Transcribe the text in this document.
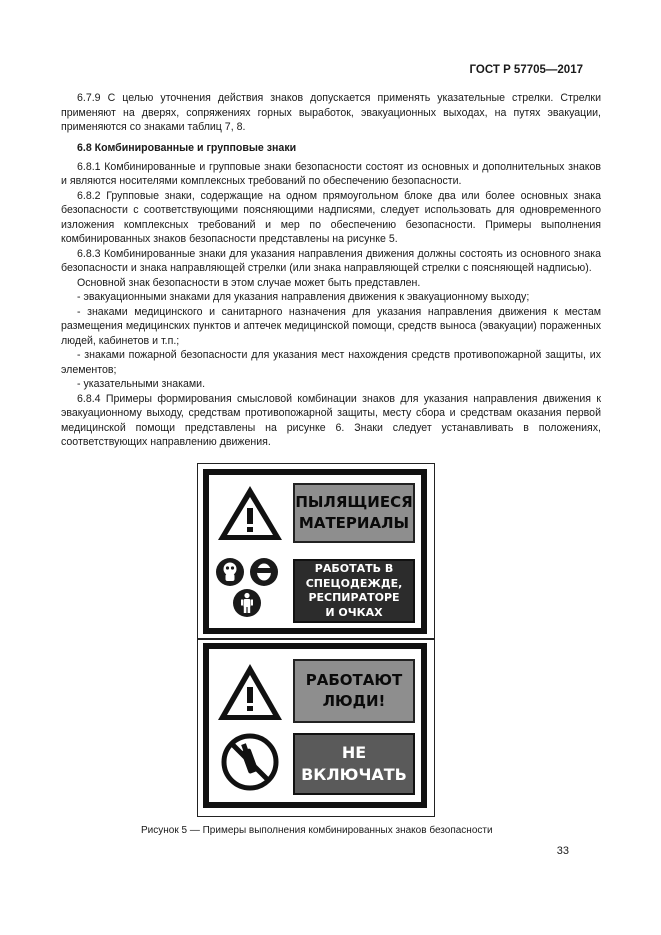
ГОСТ Р 57705—2017

6.7.9 С целью уточнения действия знаков допускается применять указательные стрелки. Стрелки применяют на дверях, сопряжениях горных выработок, эвакуационных выходах, на путях эвакуации, применяются со знаками таблиц 7, 8.

6.8 Комбинированные и групповые знаки

6.8.1 Комбинированные и групповые знаки безопасности состоят из основных и дополнительных знаков и являются носителями комплексных требований по обеспечению безопасности.

6.8.2 Групповые знаки, содержащие на одном прямоугольном блоке два или более основных знака безопасности с соответствующими поясняющими надписями, следует использовать для одновременного изложения комплексных требований и мер по обеспечению безопасности. Примеры выполнения комбинированных знаков безопасности представлены на рисунке 5.

6.8.3 Комбинированные знаки для указания направления движения должны состоять из основного знака безопасности и знака направляющей стрелки (или знака направляющей стрелки с поясняющей надписью).

Основной знак безопасности в этом случае может быть представлен.

- эвакуационными знаками для указания направления движения к эвакуационному выходу;

- знаками медицинского и санитарного назначения для указания направления движения к местам размещения медицинских пунктов и аптечек медицинской помощи, средств выноса (эвакуации) пораженных людей, кабинетов и т.п.;

- знаками пожарной безопасности для указания мест нахождения средств противопожарной защиты, их элементов;

- указательными знаками.

6.8.4 Примеры формирования смысловой комбинации знаков для указания направления движения к эвакуационному выходу, средствам противопожарной защиты, месту сбора и средствам оказания первой медицинской помощи представлены на рисунке 6. Знаки следует устанавливать в положениях, соответствующих направлению движения.

ПЫЛЯЩИЕСЯ
МАТЕРИАЛЫ
РАБОТАТЬ В
СПЕЦОДЕЖДЕ,
РЕСПИРАТОРЕ
И ОЧКАХ
РАБОТАЮТ
ЛЮДИ!
НЕ
ВКЛЮЧАТЬ
Рисунок 5 — Примеры выполнения комбинированных знаков безопасности
33
